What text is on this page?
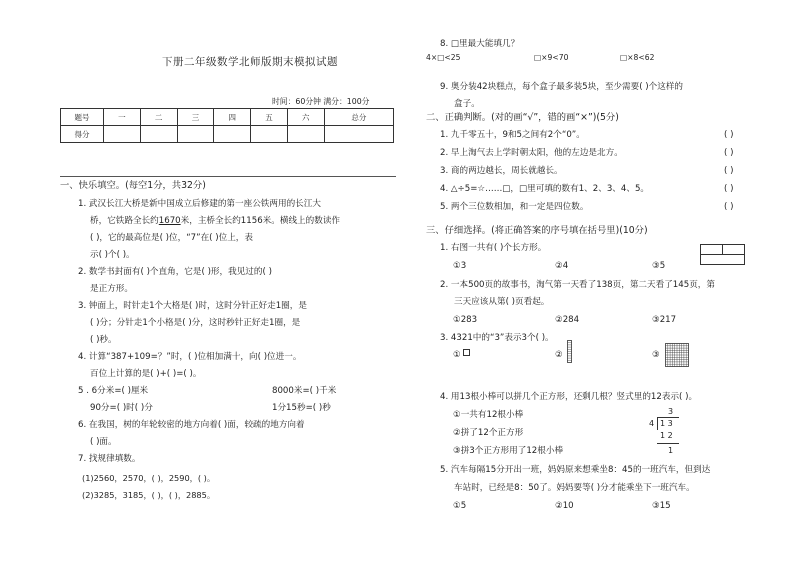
下册二年级数学北师版期末模拟试题
时间：60分钟 满分：100分
题号	一	二	三	四	五	六	总分
得分							
一、快乐填空。(每空1分，共32分)
1. 武汉长江大桥是新中国成立后修建的第一座公铁两用的长江大
桥，它铁路全长约1670米，主桥全长约1156米。横线上的数读作
( )，它的最高位是( )位，“7”在( )位上，表
示( )个( )。
2. 数学书封面有( )个直角，它是( )形，我见过的( )
是正方形。
3. 钟面上，时针走1个大格是( )时，这时分针正好走1圈，是
( )分；分针走1个小格是( )分，这时秒针正好走1圈，是
( )秒。
4. 计算“387+109=？”时，( )位相加满十，向( )位进一。
百位上计算的是( )+( )=( )。
5 . 6分米=( )厘米	8000米=( )千米
90分=( )时( )分	1分15秒=( )秒
6. 在我国，树的年轮较密的地方向着( )面，较疏的地方向着
( )面。
7. 找规律填数。
(1)2560，2570，( )，2590，( )。
(2)3285，3185，( )，( )，2885。
8. □里最大能填几？
4×□<25	□×9<70	□×8<62
9. 奥分装42块糕点，每个盒子最多装5块，至少需要( )个这样的
盒子。
二、正确判断。(对的画“√”，错的画“×”)(5分)
1. 九千零五十，9和5之间有2个“0”。
2. 早上淘气去上学时朝太阳，他的左边是北方。
3. 商的两边越长，周长就越长。
4. △÷5=☆……□，□里可填的数有1、2、3、4、5。
5. 两个三位数相加，和一定是四位数。
( )
( )
( )
( )
( )
三、仔细选择。(将正确答案的序号填在括号里)(10分)
1. 右图一共有( )个长方形。
①3	②4	③5
2. 一本500页的故事书，淘气第一天看了138页，第二天看了145页，第
三天应该从第( )页看起。
①283	②284	③217
3. 4321中的“3”表示3个( )。
①	②	③
4. 用13根小棒可以拼几个正方形，还剩几根？竖式里的12表示( )。
①一共有12根小棒
②拼了12个正方形
③拼3个正方形用了12根小棒
3
4 1 3
1 2
1
5. 汽车每隔15分开出一班，妈妈原来想乘坐8：45的一班汽车，但到达
车站时，已经是8：50了。妈妈要等( )分才能乘坐下一班汽车。
①5	②10	③15
